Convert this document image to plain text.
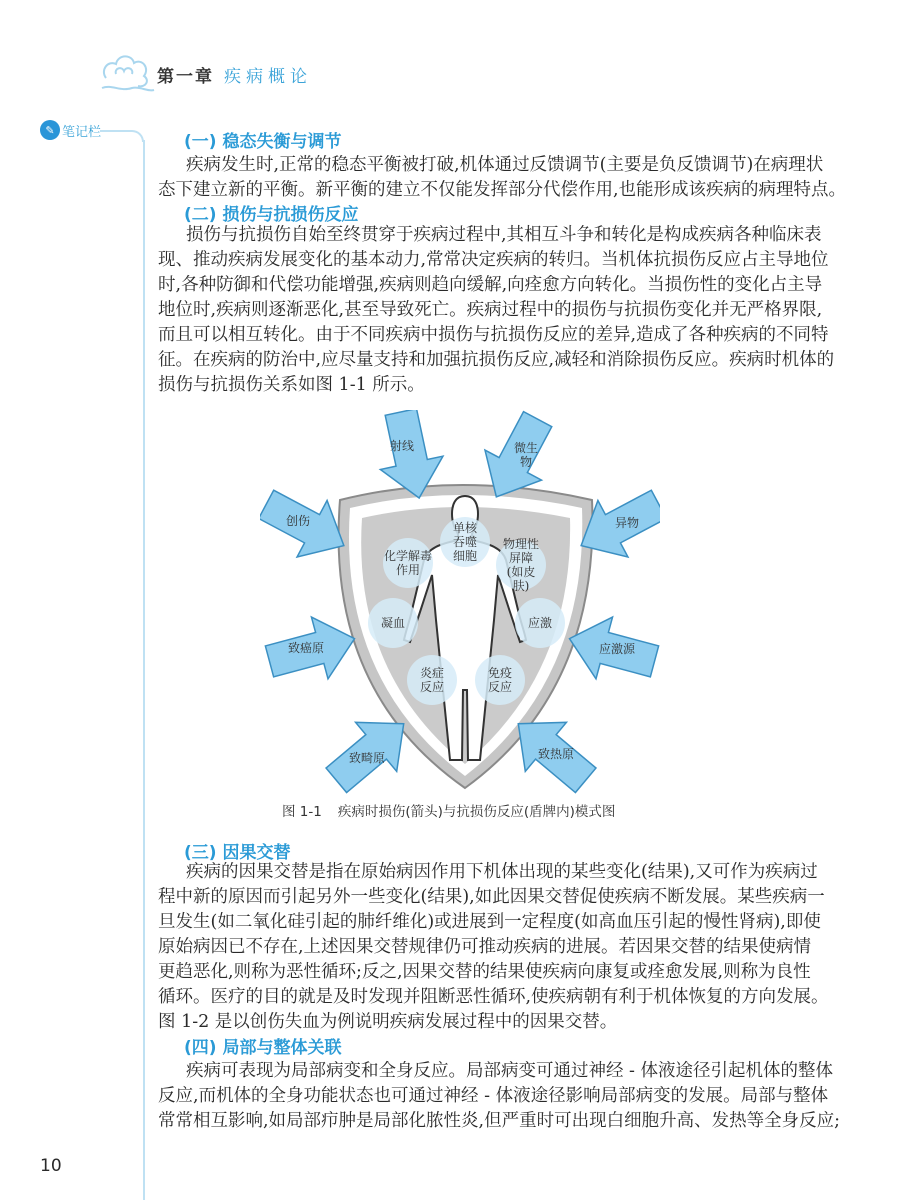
第一章 疾病概论
✎ 笔记栏	(一) 稳态失衡与调节
疾病发生时,正常的稳态平衡被打破,机体通过反馈调节(主要是负反馈调节)在病理状
态下建立新的平衡。新平衡的建立不仅能发挥部分代偿作用,也能形成该疾病的病理特点。
(二) 损伤与抗损伤反应
损伤与抗损伤自始至终贯穿于疾病过程中,其相互斗争和转化是构成疾病各种临床表
现、推动疾病发展变化的基本动力,常常决定疾病的转归。当机体抗损伤反应占主导地位
时,各种防御和代偿功能增强,疾病则趋向缓解,向痊愈方向转化。当损伤性的变化占主导
地位时,疾病则逐渐恶化,甚至导致死亡。疾病过程中的损伤与抗损伤变化并无严格界限,
而且可以相互转化。由于不同疾病中损伤与抗损伤反应的差异,造成了各种疾病的不同特
征。在疾病的防治中,应尽量支持和加强抗损伤反应,减轻和消除损伤反应。疾病时机体的
损伤与抗损伤关系如图 1-1 所示。
单核吞噬细胞
化学解毒作用
物理性屏障(如皮肤)
凝血	应激
炎症反应
免疫反应
射线	微生物
创伤	异物
致癌原	应激源
致畸原	致热原
图 1-1 疾病时损伤(箭头)与抗损伤反应(盾牌内)模式图
(三) 因果交替
疾病的因果交替是指在原始病因作用下机体出现的某些变化(结果),又可作为疾病过
程中新的原因而引起另外一些变化(结果),如此因果交替促使疾病不断发展。某些疾病一
旦发生(如二氧化硅引起的肺纤维化)或进展到一定程度(如高血压引起的慢性肾病),即使
原始病因已不存在,上述因果交替规律仍可推动疾病的进展。若因果交替的结果使病情
更趋恶化,则称为恶性循环;反之,因果交替的结果使疾病向康复或痊愈发展,则称为良性
循环。医疗的目的就是及时发现并阻断恶性循环,使疾病朝有利于机体恢复的方向发展。
图 1-2 是以创伤失血为例说明疾病发展过程中的因果交替。
(四) 局部与整体关联
疾病可表现为局部病变和全身反应。局部病变可通过神经 - 体液途径引起机体的整体
反应,而机体的全身功能状态也可通过神经 - 体液途径影响局部病变的发展。局部与整体
常常相互影响,如局部疖肿是局部化脓性炎,但严重时可出现白细胞升高、发热等全身反应;
10
